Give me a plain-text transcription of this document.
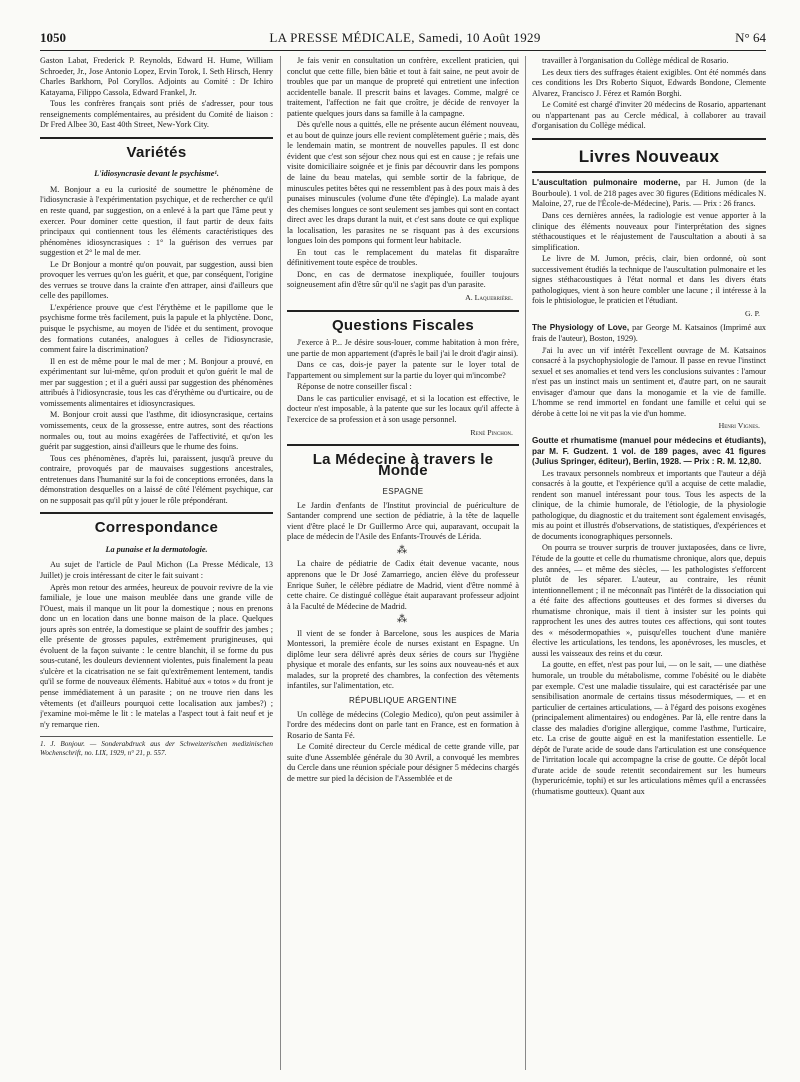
1050	LA PRESSE MÉDICALE, Samedi, 10 Août 1929	N° 64

Gaston Labat, Frederick P. Reynolds, Edward H. Hume, William Schroeder, Jr., Jose Antonio Lopez, Ervin Torok, I. Seth Hirsch, Henry Charles Barkhorn, Pol Coryllos. Adjoints au Comité : Dr Ichiro Katayama, Filippo Cassola, Edward Frankel, Jr.

Tous les confrères français sont priés de s'adresser, pour tous renseignements complémentaires, au président du Comité de liaison : Dr Fred Albee 30, East 40th Street, New-York City.

Variétés
L'idiosyncrasie devant le psychisme¹.

M. Bonjour a eu la curiosité de soumettre le phénomène de l'idiosyncrasie à l'expérimentation psychique, et de rechercher ce qu'il en reste quand, par suggestion, on a enlevé à la part que l'âme peut y exercer. Pour dominer cette question, il faut partir de deux faits principaux qui contiennent tous les éléments caractéristiques des phénomènes idiosyncrasiques : 1° la guérison des verrues par suggestion et 2° le mal de mer.

Le Dr Bonjour a montré qu'on pouvait, par suggestion, aussi bien provoquer les verrues qu'on les guérit, et que, par conséquent, l'origine des verrues se trouve dans la crainte d'en attraper, ainsi d'ailleurs que celle des papillomes.

L'expérience prouve que c'est l'érythème et le papillome que le psychisme forme très facilement, puis la papule et la phlyctène. Donc, puisque le psychisme, au moyen de l'idée et du sentiment, provoque des formations cutanées, analogues à celles de l'idiosyncrasie, comment faire la discrimination?

Il en est de même pour le mal de mer ; M. Bonjour a prouvé, en expérimentant sur lui-même, qu'on produit et qu'on guérit le mal de mer par suggestion ; et il a guéri aussi par suggestion des phénomènes attribués à l'idiosyncrasie, tous les cas d'érythème ou d'urticaire, ou de vomissements alimentaires et idiosyncrasiques.

M. Bonjour croit aussi que l'asthme, dit idiosyncrasique, certains vomissements, ceux de la grossesse, entre autres, sont des réactions normales ou, tout au moins exagérées de l'affectivité, et qu'on les guérit par suggestion, ainsi d'ailleurs que le rhume des foins.

Tous ces phénomènes, d'après lui, paraissent, jusqu'à preuve du contraire, provoqués par de mauvaises suggestions ancestrales, entretenues dans l'humanité sur la foi de conceptions erronées, dans la démonstration desquelles on a laissé de côté l'élément psychique, car on ne supposait pas qu'il pût y jouer le rôle prépondérant.

Correspondance
La punaise et la dermatologie.

Au sujet de l'article de Paul Michon (La Presse Médicale, 13 Juillet) je crois intéressant de citer le fait suivant :

Après mon retour des armées, heureux de pouvoir revivre de la vie familiale, je loue une maison meublée dans une grande ville de l'Ouest, mais il manque un lit pour la domestique ; nous en prenons donc un en location dans une bonne maison de la place. Quelques jours après son entrée, la domestique se plaint de souffrir des jambes ; elle présente de grosses papules, extrêmement prurigineuses, qui évoluent de la façon suivante : le centre blanchit, il se forme du pus sous-cutané, les douleurs deviennent violentes, puis finalement la peau s'ulcère et la cicatrisation ne se fait qu'extrêmement lentement, tandis qu'il se forme de nouveaux éléments. Habitué aux « totos » du front je pense immédiatement à un parasite ; on ne trouve rien dans les vêtements (et d'ailleurs pourquoi cette localisation aux jambes?) ; j'examine moi-même le lit : le matelas a l'aspect tout à fait neuf et je n'y remarque rien.

1. J. Bonjour. — Sonderabdruck aus der Schweizerischen medizinischen Wochenschrift, no. LIX, 1929, n° 21, p. 557.

Je fais venir en consultation un confrère, excellent praticien, qui conclut que cette fille, bien bâtie et tout à fait saine, ne peut avoir de troubles que par un manque de propreté qui entretient une infection accidentelle banale. Il prescrit bains et lavages. Comme, malgré ce traitement, l'affection ne fait que croître, je décide de renvoyer la patiente quelques jours dans sa famille à la campagne.

Dès qu'elle nous a quittés, elle ne présente aucun élément nouveau, et au bout de quinze jours elle revient complètement guérie ; mais, dès le lendemain matin, se montrent de nouvelles papules. Il est donc évident que c'est son séjour chez nous qui est en cause ; je refais une visite domiciliaire soignée et je finis par découvrir dans les pompons de laine du beau matelas, qui semble sortir de la fabrique, de minuscules petites bêtes qui ne ressemblent pas à des poux mais à des punaises minuscules (volume d'une tête d'épingle). La malade ayant des chemises longues ce sont seulement ses jambes qui sont en contact direct avec les draps durant la nuit, et c'est sans doute ce qui explique la localisation, les parasites ne se risquant pas à des excursions longues loin des pompons qui forment leur habitacle.

En tout cas le remplacement du matelas fit disparaître définitivement toute espèce de troubles.

Donc, en cas de dermatose inexpliquée, fouiller toujours soigneusement afin d'être sûr qu'il ne s'agit pas d'un parasite.

A. Laquerrière.
Questions Fiscales

J'exerce à P... Je désire sous-louer, comme habitation à mon frère, une partie de mon appartement (d'après le bail j'ai le droit d'agir ainsi).

Dans ce cas, dois-je payer la patente sur le loyer total de l'appartement ou simplement sur la partie du loyer qui m'incombe?

Réponse de notre conseiller fiscal :

Dans le cas particulier envisagé, et si la location est effective, le docteur n'est imposable, à la patente que sur les locaux qu'il affecte à l'exercice de sa profession et à son usage personnel.

René Pinchon.
La Médecine à travers le Monde
ESPAGNE

Le Jardin d'enfants de l'Institut provincial de puériculture de Santander comprend une section de pédiatrie, à la tête de laquelle vient d'être placé le Dr Guillermo Arce qui, auparavant, occupait la place de médecin de l'Asile des Enfants-Trouvés de Lérida.

⁂

La chaire de pédiatrie de Cadix était devenue vacante, nous apprenons que le Dr José Zamarriego, ancien élève du professeur Enrique Suñer, le célèbre pédiatre de Madrid, vient d'être nommé à cette chaire. Ce distingué collègue était auparavant professeur adjoint à la Faculté de Médecine de Madrid.

⁂

Il vient de se fonder à Barcelone, sous les auspices de Maria Montessori, la première école de nurses existant en Espagne. Un diplôme leur sera délivré après deux séries de cours sur l'hygiène physique et morale des enfants, sur les soins aux nouveau-nés et aux malades, sur la propreté des chambres, la confection des vêtements infantiles, sur l'alimentation, etc.

RÉPUBLIQUE ARGENTINE

Un collège de médecins (Colegio Medico), qu'on peut assimiler à l'ordre des médecins dont on parle tant en France, est en formation à Rosario de Santa Fé.

Le Comité directeur du Cercle médical de cette grande ville, par suite d'une Assemblée générale du 30 Avril, a convoqué les membres du Cercle dans une réunion spéciale pour désigner 5 médecins chargés de mettre sur pied la décision de l'Assemblée et de

travailler à l'organisation du Collège médical de Rosario.

Les deux tiers des suffrages étaient exigibles. Ont été nommés dans ces conditions les Drs Roberto Siquot, Edwards Bondone, Clemente Alvarez, Francisco J. Férez et Ramón Borghi.

Le Comité est chargé d'inviter 20 médecins de Rosario, appartenant ou n'appartenant pas au Cercle médical, à collaborer au travail d'organisation du Collège médical.

Livres Nouveaux

L'auscultation pulmonaire moderne, par H. Jumon (de la Bourboule). 1 vol. de 218 pages avec 30 figures (Editions médicales N. Maloine, 27, rue de l'École-de-Médecine), Paris. — Prix : 26 francs.

Dans ces dernières années, la radiologie est venue apporter à la clinique des éléments nouveaux pour l'interprétation des signes stéthacoustiques et le réajustement de l'auscultation a abouti à sa simplification.

Le livre de M. Jumon, précis, clair, bien ordonné, où sont successivement étudiés la technique de l'auscultation pulmonaire et les signes stéthacoustiques à l'état normal et dans les divers états pathologiques, vient à son heure combler une lacune ; il intéresse à la fois le phtisiologue, le praticien et l'étudiant.

G. P.

The Physiology of Love, par George M. Katsainos (Imprimé aux frais de l'auteur), Boston, 1929).

J'ai lu avec un vif intérêt l'excellent ouvrage de M. Katsainos consacré à la psychophysiologie de l'amour. Il passe en revue l'instinct sexuel et ses anomalies et tend vers les conclusions suivantes : l'amour n'est pas un instinct mais un sentiment et, d'autre part, on ne saurait envisager d'amour que dans la monogamie et la vie de famille. L'homme se rend immortel en fondant une famille et celui qui se dérobe à cette loi ne vit pas la vie d'un homme.

Henri Vignes.

Goutte et rhumatisme (manuel pour médecins et étudiants), par M. F. Gudzent. 1 vol. de 189 pages, avec 41 figures (Julius Springer, éditeur), Berlin, 1928. — Prix : R. M. 12,80.

Les travaux personnels nombreux et importants que l'auteur a déjà consacrés à la goutte, et l'expérience qu'il a acquise de cette maladie, rendent son manuel intéressant pour tous. Tous les aspects de la clinique, de la chimie humorale, de l'étiologie, de la physiologie pathologique, du diagnostic et du traitement sont également envisagés, mis au point et illustrés d'observations, de statistiques, d'expériences et de documents iconographiques personnels.

On pourra se trouver surpris de trouver juxtaposées, dans ce livre, l'étude de la goutte et celle du rhumatisme chronique, alors que, depuis des années, — et même des siècles, — les pathologistes s'efforcent plutôt de les séparer. L'auteur, au contraire, les réunit intentionnellement ; il ne méconnaît pas l'intérêt de la dissociation qui a été faite des affections goutteuses et des formes si diverses du rhumatisme chronique, mais il tient à insister sur les points qui rapprochent les unes des autres toutes ces affections, qui sont toutes des « mésodermopathies », puisqu'elles touchent d'une manière élective les articulations, les tendons, les aponévroses, les muscles, et aussi les vaisseaux des reins et du cœur.

La goutte, en effet, n'est pas pour lui, — on le sait, — une diathèse humorale, un trouble du métabolisme, comme l'obésité ou le diabète par exemple. C'est une maladie tissulaire, qui est caractérisée par une sensibilisation anormale de certains tissus mésodermiques, — et en particulier de certaines articulations, — à l'égard des poisons exogènes (principalement alimentaires) ou endogènes. Par là, elle rentre dans la classe des maladies d'origine allergique, comme l'asthme, l'urticaire, etc. La crise de goutte aiguë en est la manifestation essentielle. Le dépôt de l'urate acide de soude dans l'articulation est une conséquence de l'irritation locale qui accompagne la crise de goutte. Ce dépôt local d'urate acide de soude retentit secondairement sur les humeurs (hyperuricémie, tophi) et sur les articulations mêmes qu'il a encrassées (rhumatisme goutteux). Quant aux
